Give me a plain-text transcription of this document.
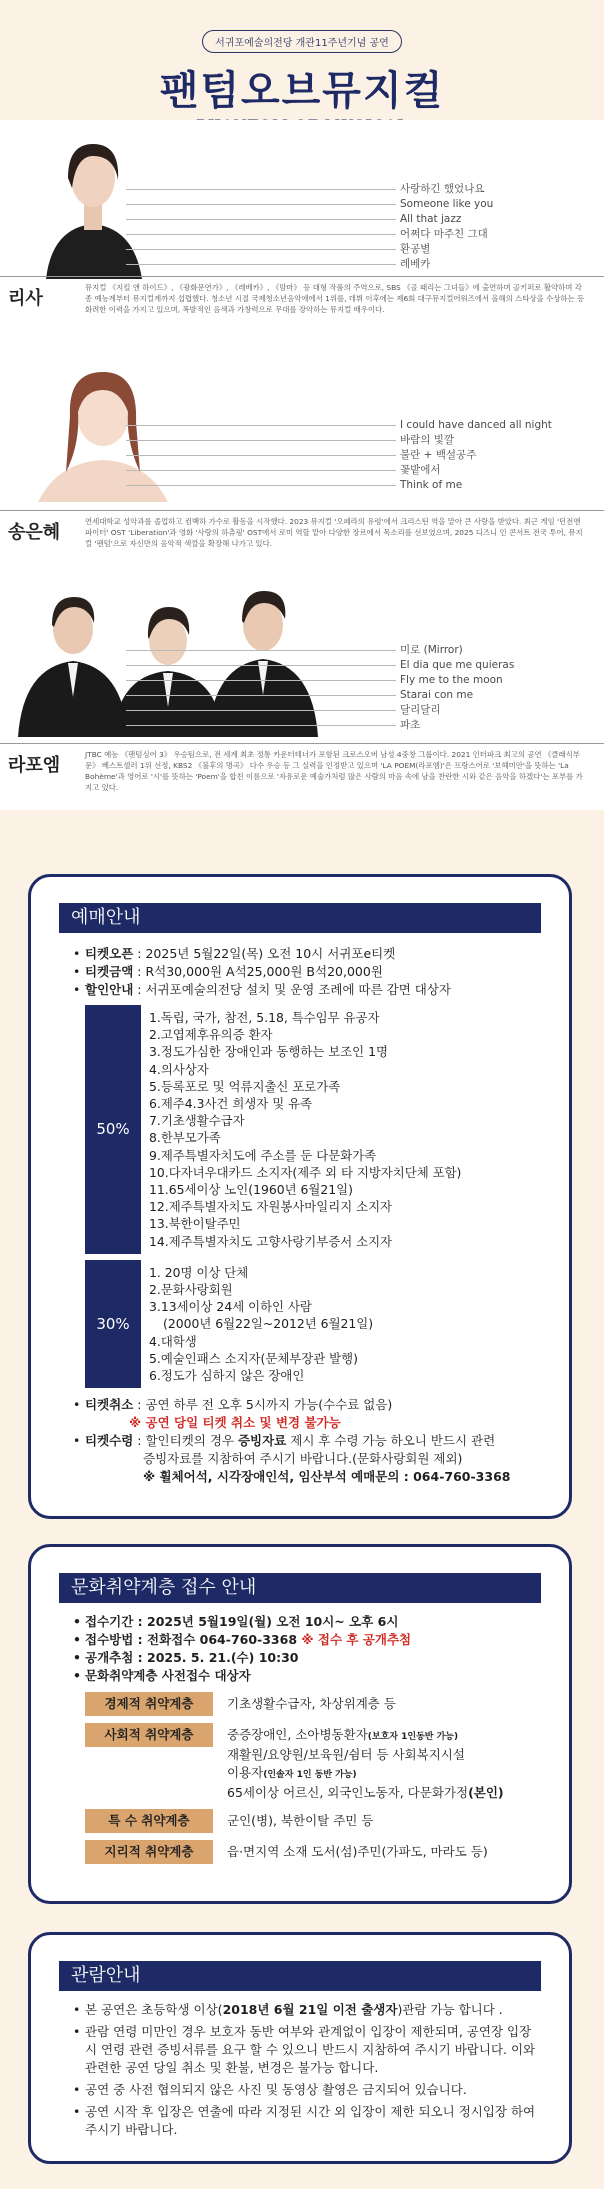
서귀포예술의전당 개관11주년기념 공연
팬텀오브뮤지컬
사랑하긴 했었나요
Someone like you
All that jazz
어쩌다 마주친 그대
환공별
레베카
리사
뮤지컬 《지킬 앤 하이드》, 《광화문연가》, 《레베카》, 《맘마》 등 대형 작품의 주역으로, SBS 《골 때리는 그녀들》에 출연하며 골키퍼로 활약하며 각종 예능계부터 뮤지컬계까지 섭렵했다. 청소년 시절 국제청소년음악에에서 1위를, 데뷔 이후에는 제6회 대구뮤지컬어워즈에서 올해의 스타상을 수상하는 등 화려한 이력을 가지고 있으며, 폭발적인 음색과 가창력으로 무대를 장악하는 뮤지컬 배우이다.
I could have danced all night
바람의 빛깔
불란 + 백설공주
꽃밭에서
Think of me
송은혜
연세대학교 성악과를 졸업하고 컴백하 가수로 활동을 시작했다. 2023 뮤지컬 '오페라의 유령'에서 크리스틴 역을 맡아 큰 사랑을 받았다. 최근 게임 '던전앤파이터' OST 'Liberation'과 영화 '사랑의 하츄핑' OST에서 로미 역할 맡아 다양한 장르에서 목소리를 선보였으며, 2025 디즈니 인 콘서트 전국 투어, 뮤지컬 '팬텀'으로 자신만의 음악적 색깔을 확장해 나가고 있다.
미로 (Mirror)
El dia que me quieras
Fly me to the moon
Starai con me
달리달리
파초
라포엠
JTBC 예능 《팬텀싱어 3》 우승팀으로, 전 세계 최초 정통 카운터테너가 포함된 크로스오버 남성 4중창 그룹이다. 2021 인터파크 최고의 공연 《클래식부문》 베스트셀러 1위 선정, KBS2 《불후의 명곡》 다수 우승 등 그 실력을 인정받고 있으며 'LA POEM(라포엠)'은 프랑스어로 '보헤미안'을 뜻하는 'La Bohème'과 영어로 '시'를 뜻하는 'Poem'을 합친 이름으로 '자유로운 예술가처럼 많은 사람의 마음 속에 남을 찬란한 시와 같은 음악을 하겠다'는 포부를 가지고 있다.
예매안내
• 티켓오픈 : 2025년 5월22일(목) 오전 10시 서귀포e티켓
• 티켓금액 : R석30,000원 A석25,000원 B석20,000원
• 할인안내 : 서귀포예술의전당 설치 및 운영 조례에 따른 감면 대상자
50%
1.독립, 국가, 참전, 5.18, 특수임무 유공자
2.고엽제후유의증 환자
3.정도가심한 장애인과 동행하는 보조인 1명
4.의사상자
5.등록포로 및 억류지출신 포로가족
6.제주4.3사건 희생자 및 유족
7.기초생활수급자
8.한부모가족
9.제주특별자치도에 주소를 둔 다문화가족
10.다자녀우대카드 소지자(제주 외 타 지방자치단체 포함)
11.65세이상 노인(1960년 6월21일)
12.제주특별자치도 자원봉사마일리지 소지자
13.북한이탈주민
14.제주특별자치도 고향사랑기부증서 소지자
30%
1. 20명 이상 단체
2.문화사랑회원
3.13세이상 24세 이하인 사람
(2000년 6월22일~2012년 6월21일)
4.대학생
5.예술인패스 소지자(문체부장관 발행)
6.정도가 심하지 않은 장애인
• 티켓취소 : 공연 하루 전 오후 5시까지 가능(수수료 없음)
※ 공연 당일 티켓 취소 및 변경 불가능
• 티켓수령 : 할인티켓의 경우 증빙자료 제시 후 수령 가능 하오니 반드시 관련
증빙자료를 지참하여 주시기 바랍니다.(문화사랑회원 제외)
※ 휠체어석, 시각장애인석, 임산부석 예매문의 : 064-760-3368
문화취약계층 접수 안내
• 접수기간 : 2025년 5월19일(월) 오전 10시~ 오후 6시
• 접수방법 : 전화접수 064-760-3368 ※ 접수 후 공개추첨
• 공개추첨 : 2025. 5. 21.(수) 10:30
• 문화취약계층 사전접수 대상자
경제적 취약계층	기초생활수급자, 차상위계층 등
사회적 취약계층	중증장애인, 소아병동환자(보호자 1인동반 가능)
재활원/요양원/보육원/쉼터 등 사회복지시설
이용자(인솔자 1인 동반 가능)
65세이상 어르신, 외국인노동자, 다문화가정(본인)
특 수 취약계층	군인(병), 북한이탈 주민 등
지리적 취약계층	읍·면지역 소재 도서(섬)주민(가파도, 마라도 등)
관람안내
• 본 공연은 초등학생 이상(2018년 6월 21일 이전 출생자)관람 가능 합니다 .
• 관람 연령 미만인 경우 보호자 동반 여부와 관계없이 입장이 제한되며, 공연장 입장시 연령 관련 증빙서류를 요구 할 수 있으니 반드시 지참하여 주시기 바랍니다. 이와 관련한 공연 당일 취소 및 환불, 변경은 불가능 합니다.
• 공연 중 사전 협의되지 않은 사진 및 동영상 촬영은 금지되어 있습니다.
• 공연 시작 후 입장은 연출에 따라 지정된 시간 외 입장이 제한 되오니 정시입장 하여 주시기 바랍니다.
